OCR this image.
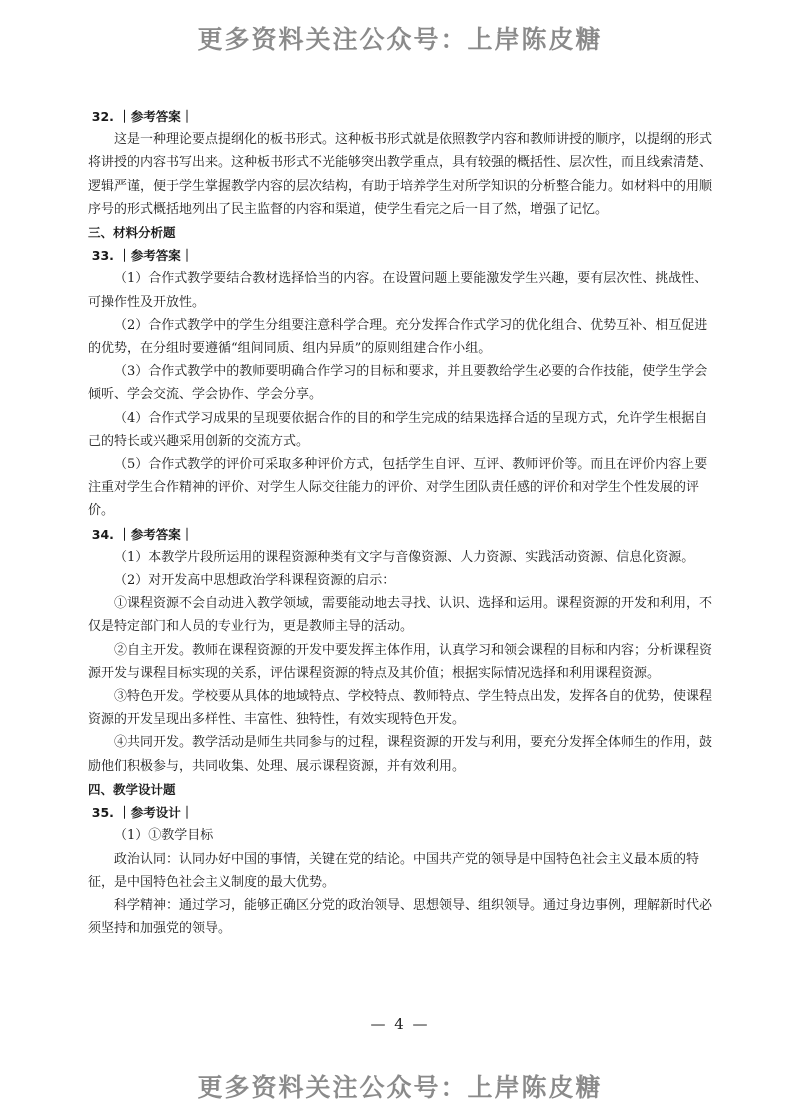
更多资料关注公众号：上岸陈皮糖

32. ｜参考答案｜

这是一种理论要点提纲化的板书形式。这种板书形式就是依照教学内容和教师讲授的顺序，以提纲的形式将讲授的内容书写出来。这种板书形式不光能够突出教学重点，具有较强的概括性、层次性，而且线索清楚、逻辑严谨，便于学生掌握教学内容的层次结构，有助于培养学生对所学知识的分析整合能力。如材料中的用顺序号的形式概括地列出了民主监督的内容和渠道，使学生看完之后一目了然，增强了记忆。

三、材料分析题

33. ｜参考答案｜

（1）合作式教学要结合教材选择恰当的内容。在设置问题上要能激发学生兴趣，要有层次性、挑战性、可操作性及开放性。

（2）合作式教学中的学生分组要注意科学合理。充分发挥合作式学习的优化组合、优势互补、相互促进的优势，在分组时要遵循“组间同质、组内异质”的原则组建合作小组。

（3）合作式教学中的教师要明确合作学习的目标和要求，并且要教给学生必要的合作技能，使学生学会倾听、学会交流、学会协作、学会分享。

（4）合作式学习成果的呈现要依据合作的目的和学生完成的结果选择合适的呈现方式，允许学生根据自己的特长或兴趣采用创新的交流方式。

（5）合作式教学的评价可采取多种评价方式，包括学生自评、互评、教师评价等。而且在评价内容上要注重对学生合作精神的评价、对学生人际交往能力的评价、对学生团队责任感的评价和对学生个性发展的评价。

34. ｜参考答案｜

（1）本教学片段所运用的课程资源种类有文字与音像资源、人力资源、实践活动资源、信息化资源。

（2）对开发高中思想政治学科课程资源的启示：

①课程资源不会自动进入教学领域，需要能动地去寻找、认识、选择和运用。课程资源的开发和利用，不仅是特定部门和人员的专业行为，更是教师主导的活动。

②自主开发。教师在课程资源的开发中要发挥主体作用，认真学习和领会课程的目标和内容；分析课程资源开发与课程目标实现的关系，评估课程资源的特点及其价值；根据实际情况选择和利用课程资源。

③特色开发。学校要从具体的地域特点、学校特点、教师特点、学生特点出发，发挥各自的优势，使课程资源的开发呈现出多样性、丰富性、独特性，有效实现特色开发。

④共同开发。教学活动是师生共同参与的过程，课程资源的开发与利用，要充分发挥全体师生的作用，鼓励他们积极参与，共同收集、处理、展示课程资源，并有效利用。

四、教学设计题

35. ｜参考设计｜

（1）①教学目标

政治认同：认同办好中国的事情，关键在党的结论。中国共产党的领导是中国特色社会主义最本质的特征，是中国特色社会主义制度的最大优势。

科学精神：通过学习，能够正确区分党的政治领导、思想领导、组织领导。通过身边事例，理解新时代必须坚持和加强党的领导。

— 4 —
更多资料关注公众号：上岸陈皮糖
